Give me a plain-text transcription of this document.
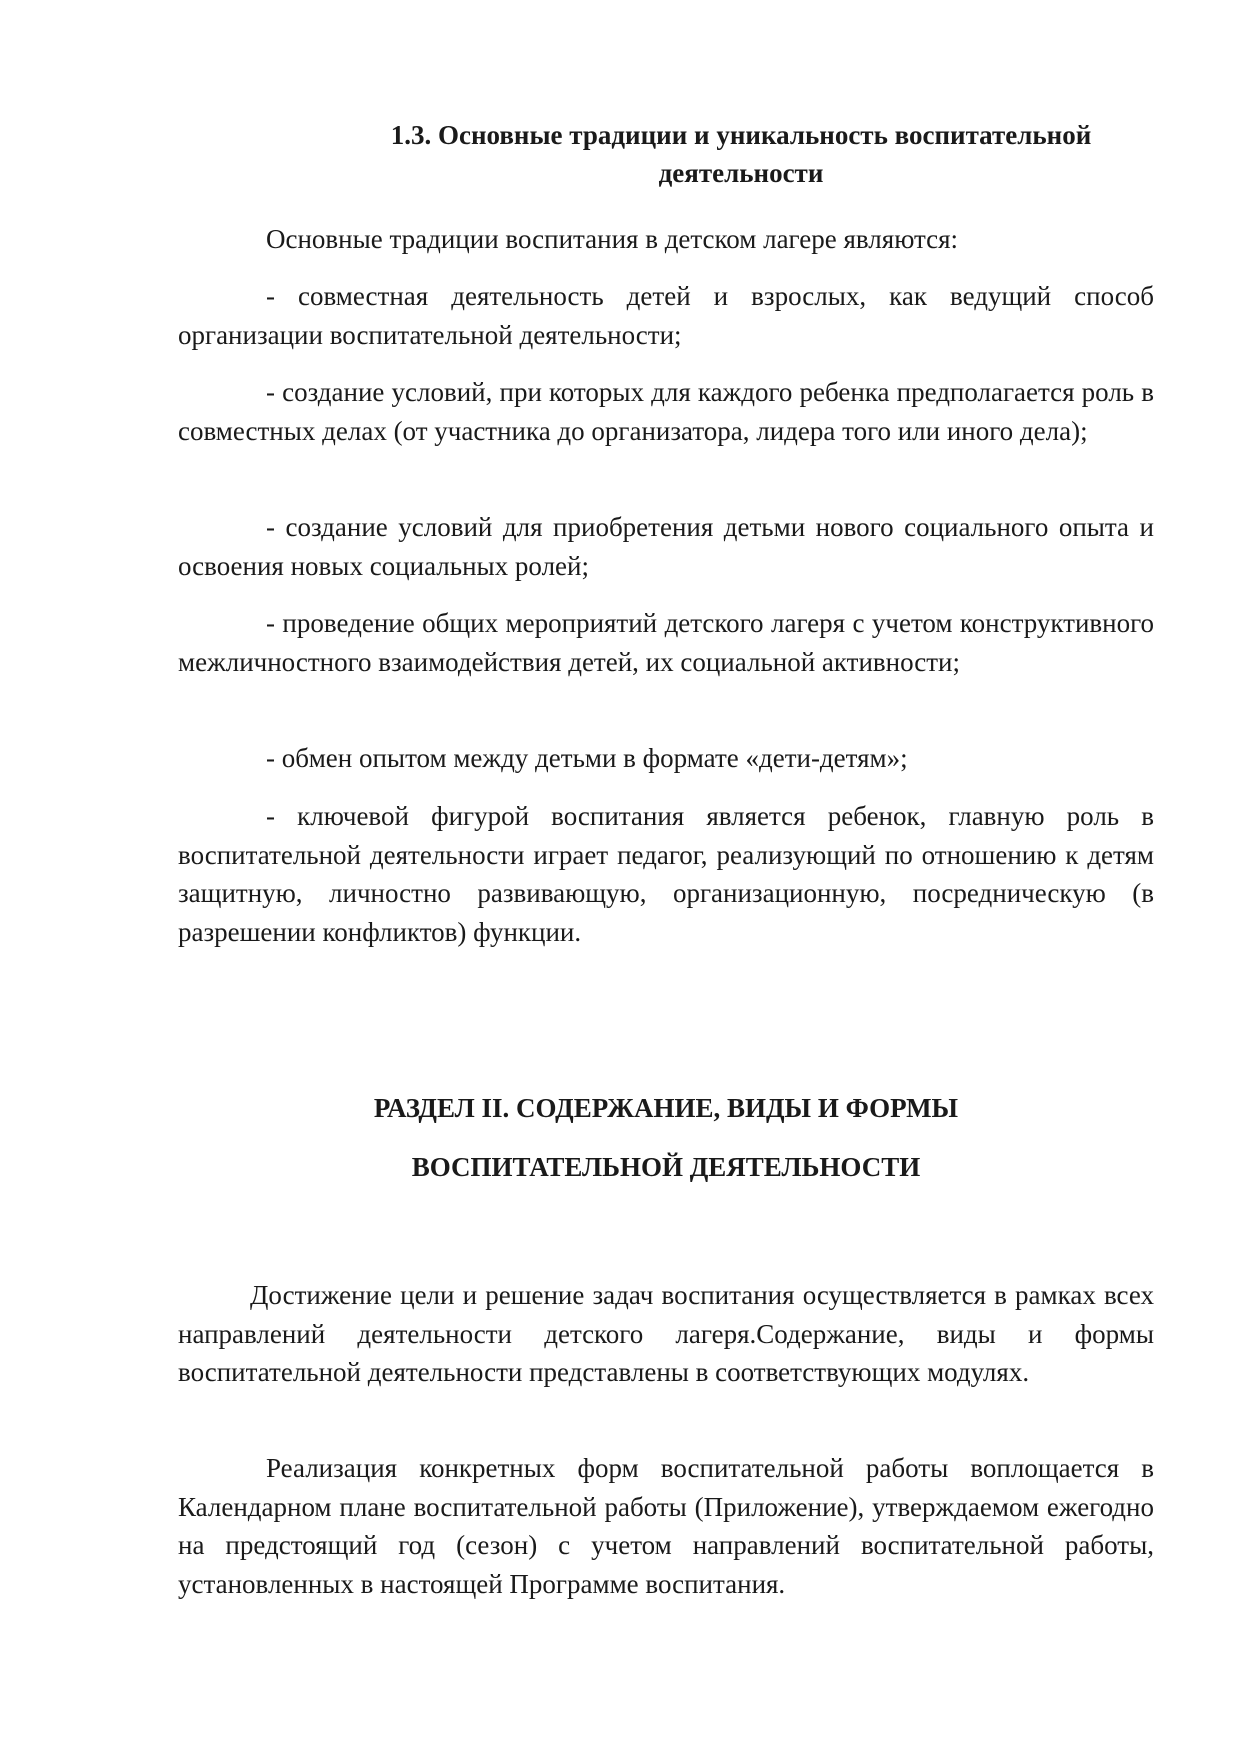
1.3. Основные традиции и уникальность воспитательной
деятельности

Основные традиции воспитания в детском лагере являются:

- совместная деятельность детей и взрослых, как ведущий способ организации воспитательной деятельности;

- создание условий, при которых для каждого ребенка предполагается роль в совместных делах (от участника до организатора, лидера того или иного дела);

- создание условий для приобретения детьми нового социального опыта и освоения новых социальных ролей;

- проведение общих мероприятий детского лагеря с учетом конструктивного межличностного взаимодействия детей, их социальной активности;

- обмен опытом между детьми в формате «дети-детям»;

- ключевой фигурой воспитания является ребенок, главную роль в воспитательной деятельности играет педагог, реализующий по отношению к детям защитную, личностно развивающую, организационную, посредническую (в разрешении конфликтов) функции.

РАЗДЕЛ II. СОДЕРЖАНИЕ, ВИДЫ И ФОРМЫ
ВОСПИТАТЕЛЬНОЙ ДЕЯТЕЛЬНОСТИ

Достижение цели и решение задач воспитания осуществляется в рамках всех направлений деятельности детского лагеря.Содержание, виды и формы воспитательной деятельности представлены в соответствующих модулях.

Реализация конкретных форм воспитательной работы воплощается в Календарном плане воспитательной работы (Приложение), утверждаемом ежегодно на предстоящий год (сезон) с учетом направлений воспитательной работы, установленных в настоящей Программе воспитания.
